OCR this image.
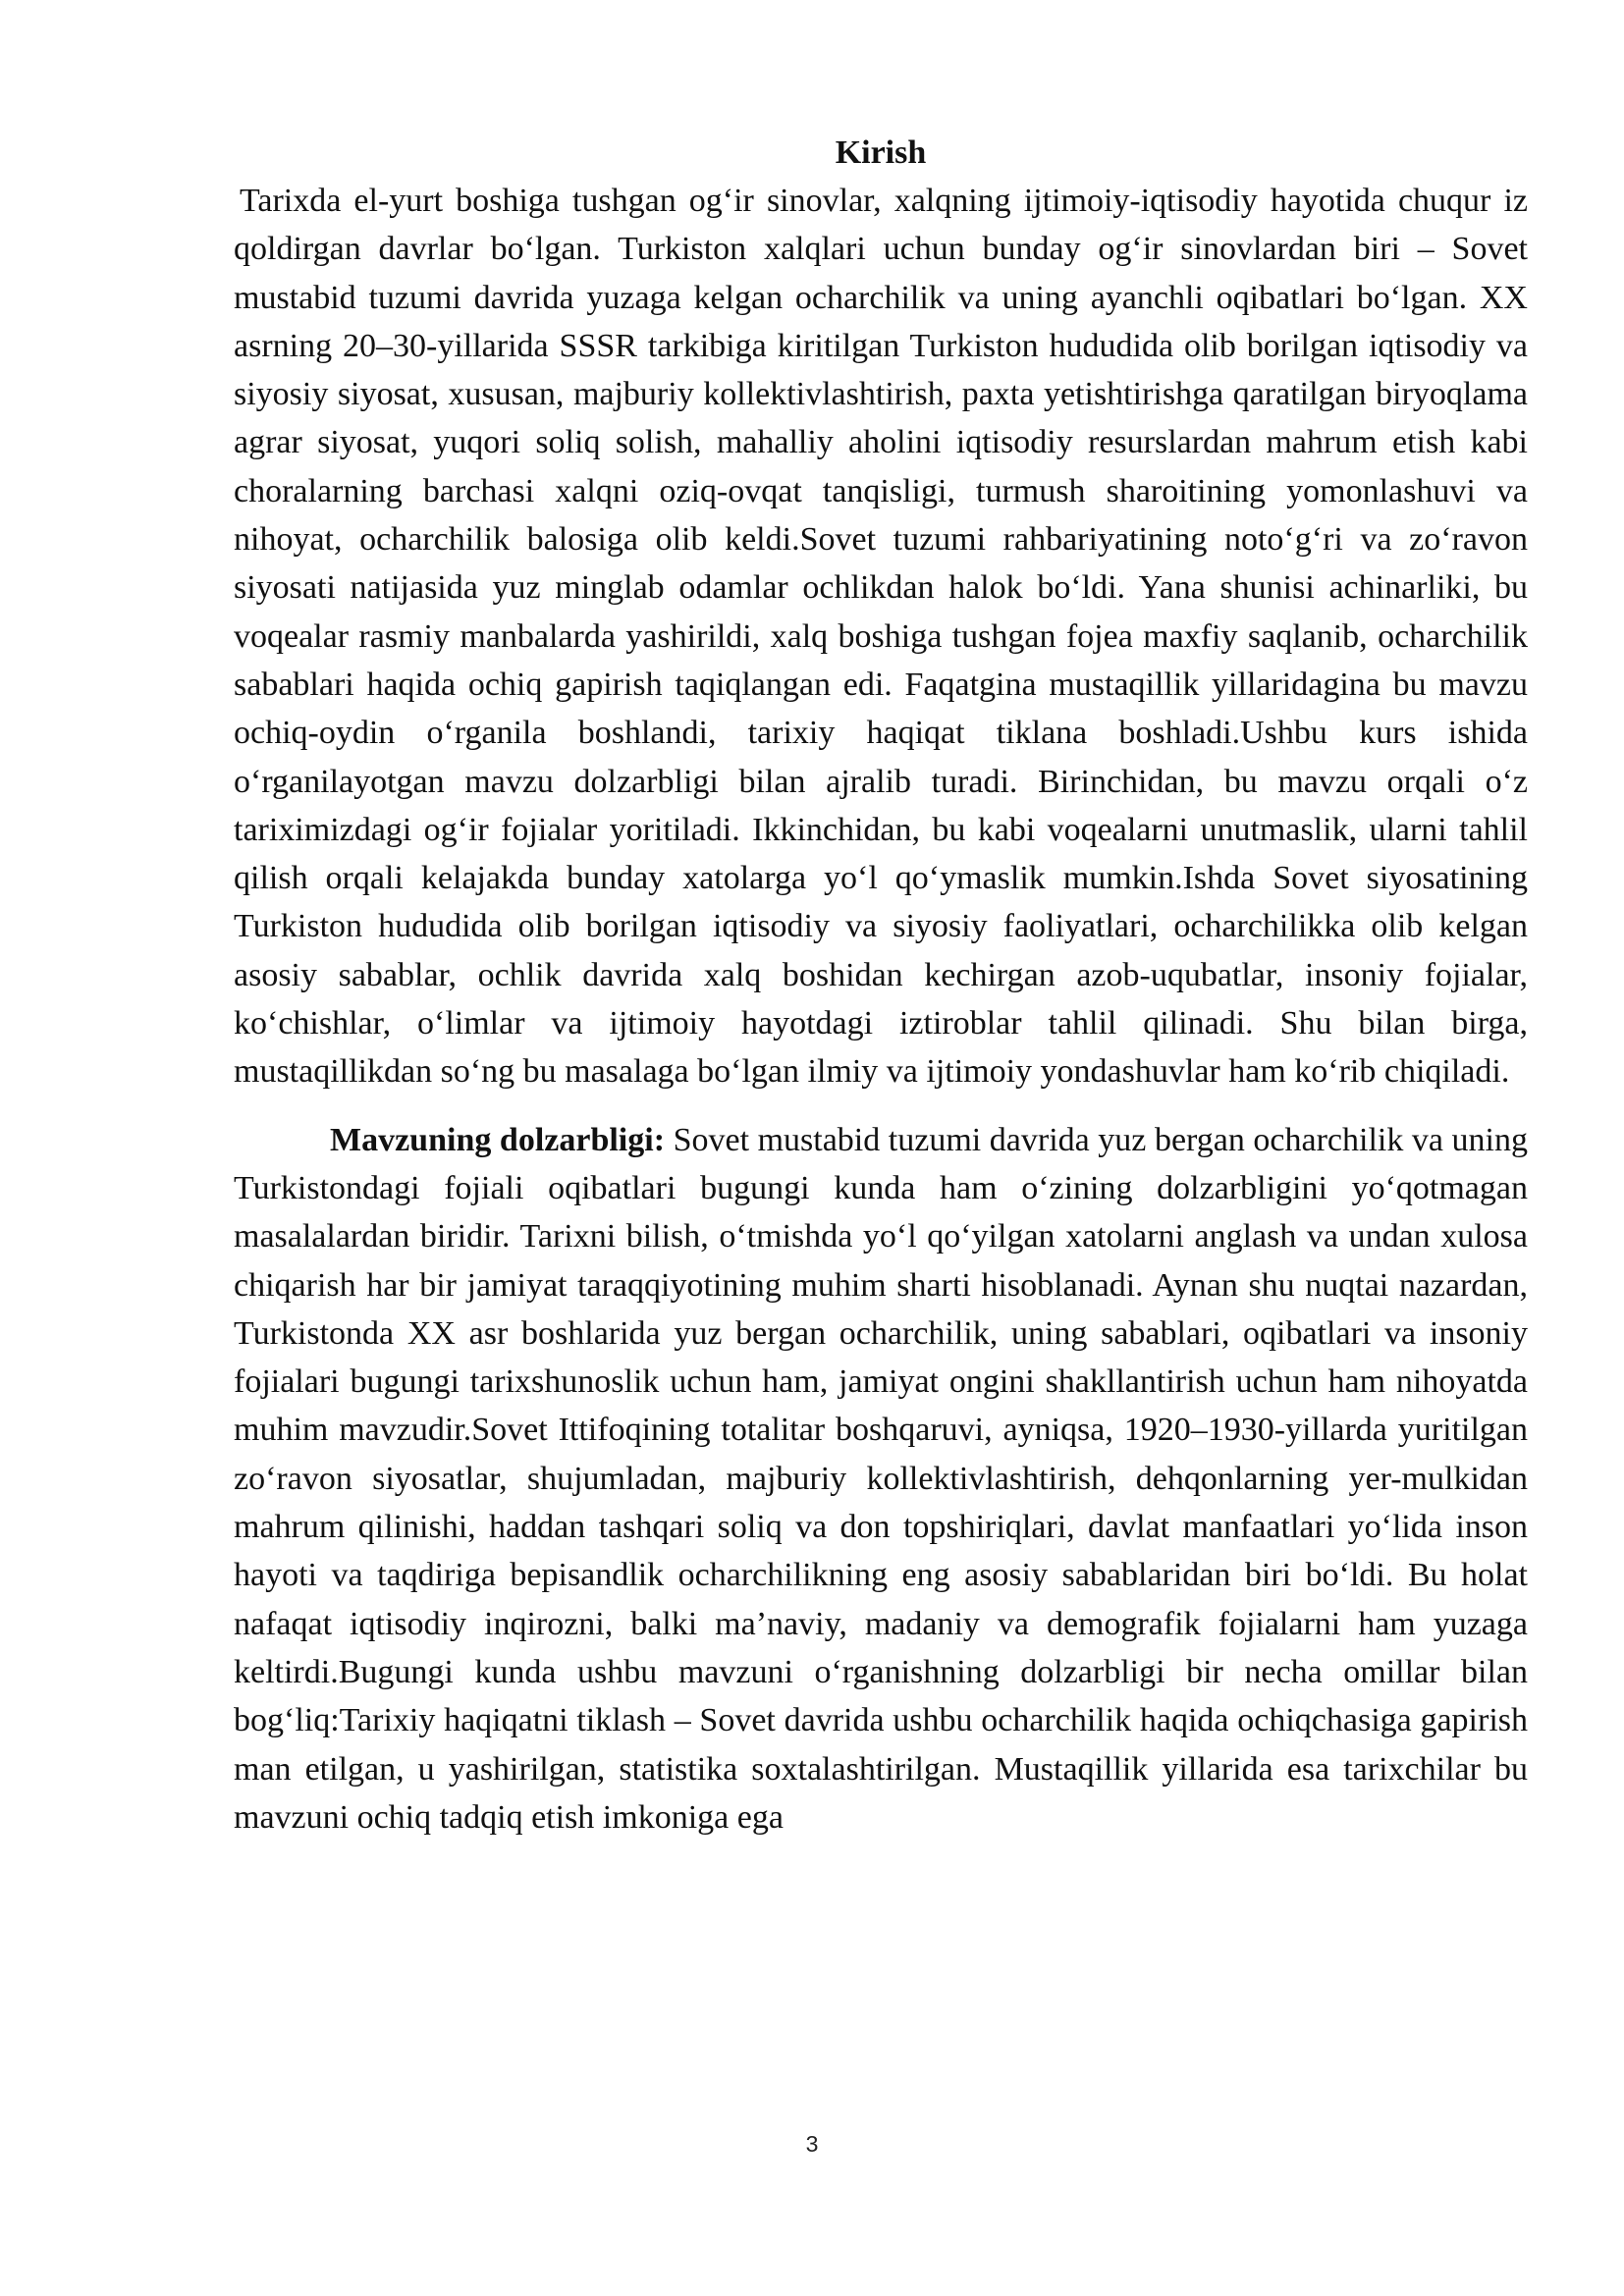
Kirish

Tarixda el-yurt boshiga tushgan og‘ir sinovlar, xalqning ijtimoiy-iqtisodiy hayotida chuqur iz qoldirgan davrlar bo‘lgan. Turkiston xalqlari uchun bunday og‘ir sinovlardan biri – Sovet mustabid tuzumi davrida yuzaga kelgan ocharchilik va uning ayanchli oqibatlari bo‘lgan. XX asrning 20–30-yillarida SSSR tarkibiga kiritilgan Turkiston hududida olib borilgan iqtisodiy va siyosiy siyosat, xususan, majburiy kollektivlashtirish, paxta yetishtirishga qaratilgan biryoqlama agrar siyosat, yuqori soliq solish, mahalliy aholini iqtisodiy resurslardan mahrum etish kabi choralarning barchasi xalqni oziq-ovqat tanqisligi, turmush sharoitining yomonlashuvi va nihoyat, ocharchilik balosiga olib keldi.Sovet tuzumi rahbariyatining noto‘g‘ri va zo‘ravon siyosati natijasida yuz minglab odamlar ochlikdan halok bo‘ldi. Yana shunisi achinarliki, bu voqealar rasmiy manbalarda yashirildi, xalq boshiga tushgan fojea maxfiy saqlanib, ocharchilik sabablari haqida ochiq gapirish taqiqlangan edi. Faqatgina mustaqillik yillaridagina bu mavzu ochiq-oydin o‘rganila boshlandi, tarixiy haqiqat tiklana boshladi.Ushbu kurs ishida o‘rganilayotgan mavzu dolzarbligi bilan ajralib turadi. Birinchidan, bu mavzu orqali o‘z tariximizdagi og‘ir fojialar yoritiladi. Ikkinchidan, bu kabi voqealarni unutmaslik, ularni tahlil qilish orqali kelajakda bunday xatolarga yo‘l qo‘ymaslik mumkin.Ishda Sovet siyosatining Turkiston hududida olib borilgan iqtisodiy va siyosiy faoliyatlari, ocharchilikka olib kelgan asosiy sabablar, ochlik davrida xalq boshidan kechirgan azob-uqubatlar, insoniy fojialar, ko‘chishlar, o‘limlar va ijtimoiy hayotdagi iztiroblar tahlil qilinadi. Shu bilan birga, mustaqillikdan so‘ng bu masalaga bo‘lgan ilmiy va ijtimoiy yondashuvlar ham ko‘rib chiqiladi.

Mavzuning dolzarbligi: Sovet mustabid tuzumi davrida yuz bergan ocharchilik va uning Turkistondagi fojiali oqibatlari bugungi kunda ham o‘zining dolzarbligini yo‘qotmagan masalalardan biridir. Tarixni bilish, o‘tmishda yo‘l qo‘yilgan xatolarni anglash va undan xulosa chiqarish har bir jamiyat taraqqiyotining muhim sharti hisoblanadi. Aynan shu nuqtai nazardan, Turkistonda XX asr boshlarida yuz bergan ocharchilik, uning sabablari, oqibatlari va insoniy fojialari bugungi tarixshunoslik uchun ham, jamiyat ongini shakllantirish uchun ham nihoyatda muhim mavzudir.Sovet Ittifoqining totalitar boshqaruvi, ayniqsa, 1920–1930-yillarda yuritilgan zo‘ravon siyosatlar, shujumladan, majburiy kollektivlashtirish, dehqonlarning yer-mulkidan mahrum qilinishi, haddan tashqari soliq va don topshiriqlari, davlat manfaatlari yo‘lida inson hayoti va taqdiriga bepisandlik ocharchilikning eng asosiy sabablaridan biri bo‘ldi. Bu holat nafaqat iqtisodiy inqirozni, balki ma’naviy, madaniy va demografik fojialarni ham yuzaga keltirdi.Bugungi kunda ushbu mavzuni o‘rganishning dolzarbligi bir necha omillar bilan bog‘liq:Tarixiy haqiqatni tiklash – Sovet davrida ushbu ocharchilik haqida ochiqchasiga gapirish man etilgan, u yashirilgan, statistika soxtalashtirilgan. Mustaqillik yillarida esa tarixchilar bu mavzuni ochiq tadqiq etish imkoniga ega

3
